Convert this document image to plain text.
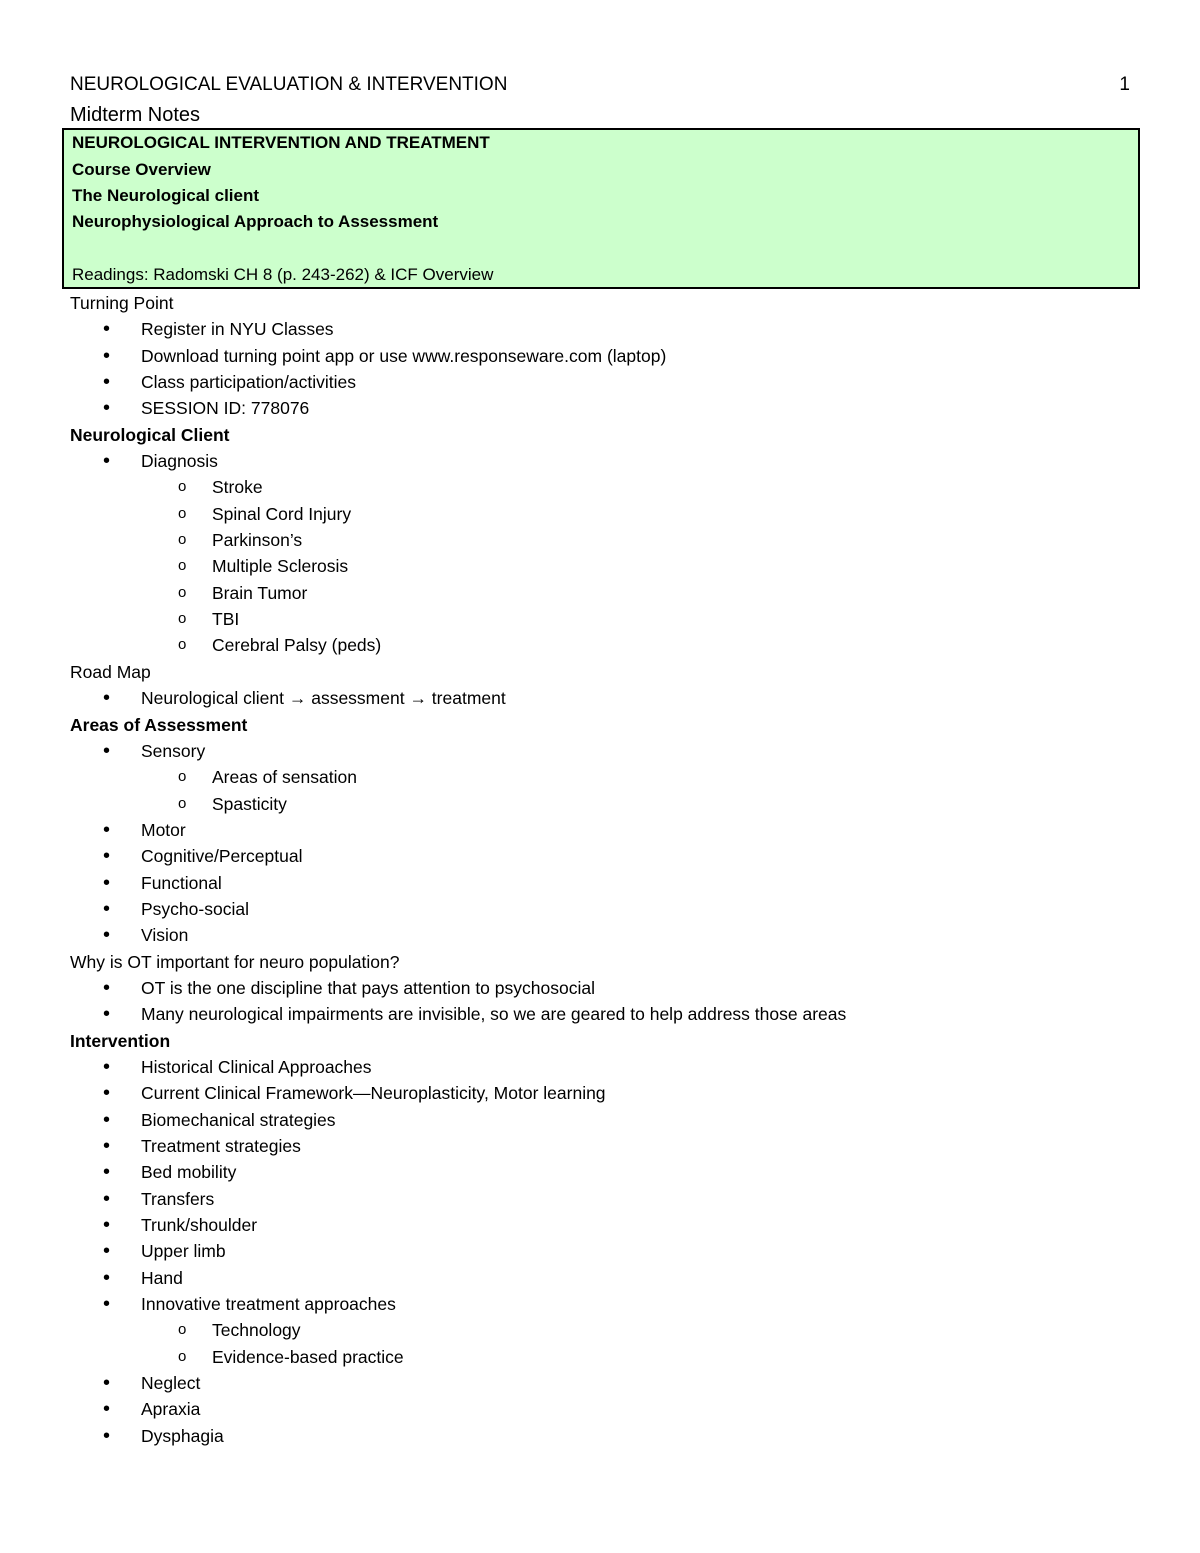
NEUROLOGICAL EVALUATION & INTERVENTION	1
Midterm Notes
NEUROLOGICAL INTERVENTION AND TREATMENT
Course Overview
The Neurological client
Neurophysiological Approach to Assessment
Readings: Radomski CH 8 (p. 243-262) & ICF Overview
Turning Point
• Register in NYU Classes
• Download turning point app or use www.responseware.com (laptop)
• Class participation/activities
• SESSION ID: 778076
Neurological Client
• Diagnosis
o Stroke
o Spinal Cord Injury
o Parkinson’s
o Multiple Sclerosis
o Brain Tumor
o TBI
o Cerebral Palsy (peds)
Road Map
• Neurological client → assessment → treatment
Areas of Assessment
• Sensory
o Areas of sensation
o Spasticity
• Motor
• Cognitive/Perceptual
• Functional
• Psycho-social
• Vision
Why is OT important for neuro population?
• OT is the one discipline that pays attention to psychosocial
• Many neurological impairments are invisible, so we are geared to help address those areas
Intervention
• Historical Clinical Approaches
• Current Clinical Framework—Neuroplasticity, Motor learning
• Biomechanical strategies
• Treatment strategies
• Bed mobility
• Transfers
• Trunk/shoulder
• Upper limb
• Hand
• Innovative treatment approaches
o Technology
o Evidence-based practice
• Neglect
• Apraxia
• Dysphagia
